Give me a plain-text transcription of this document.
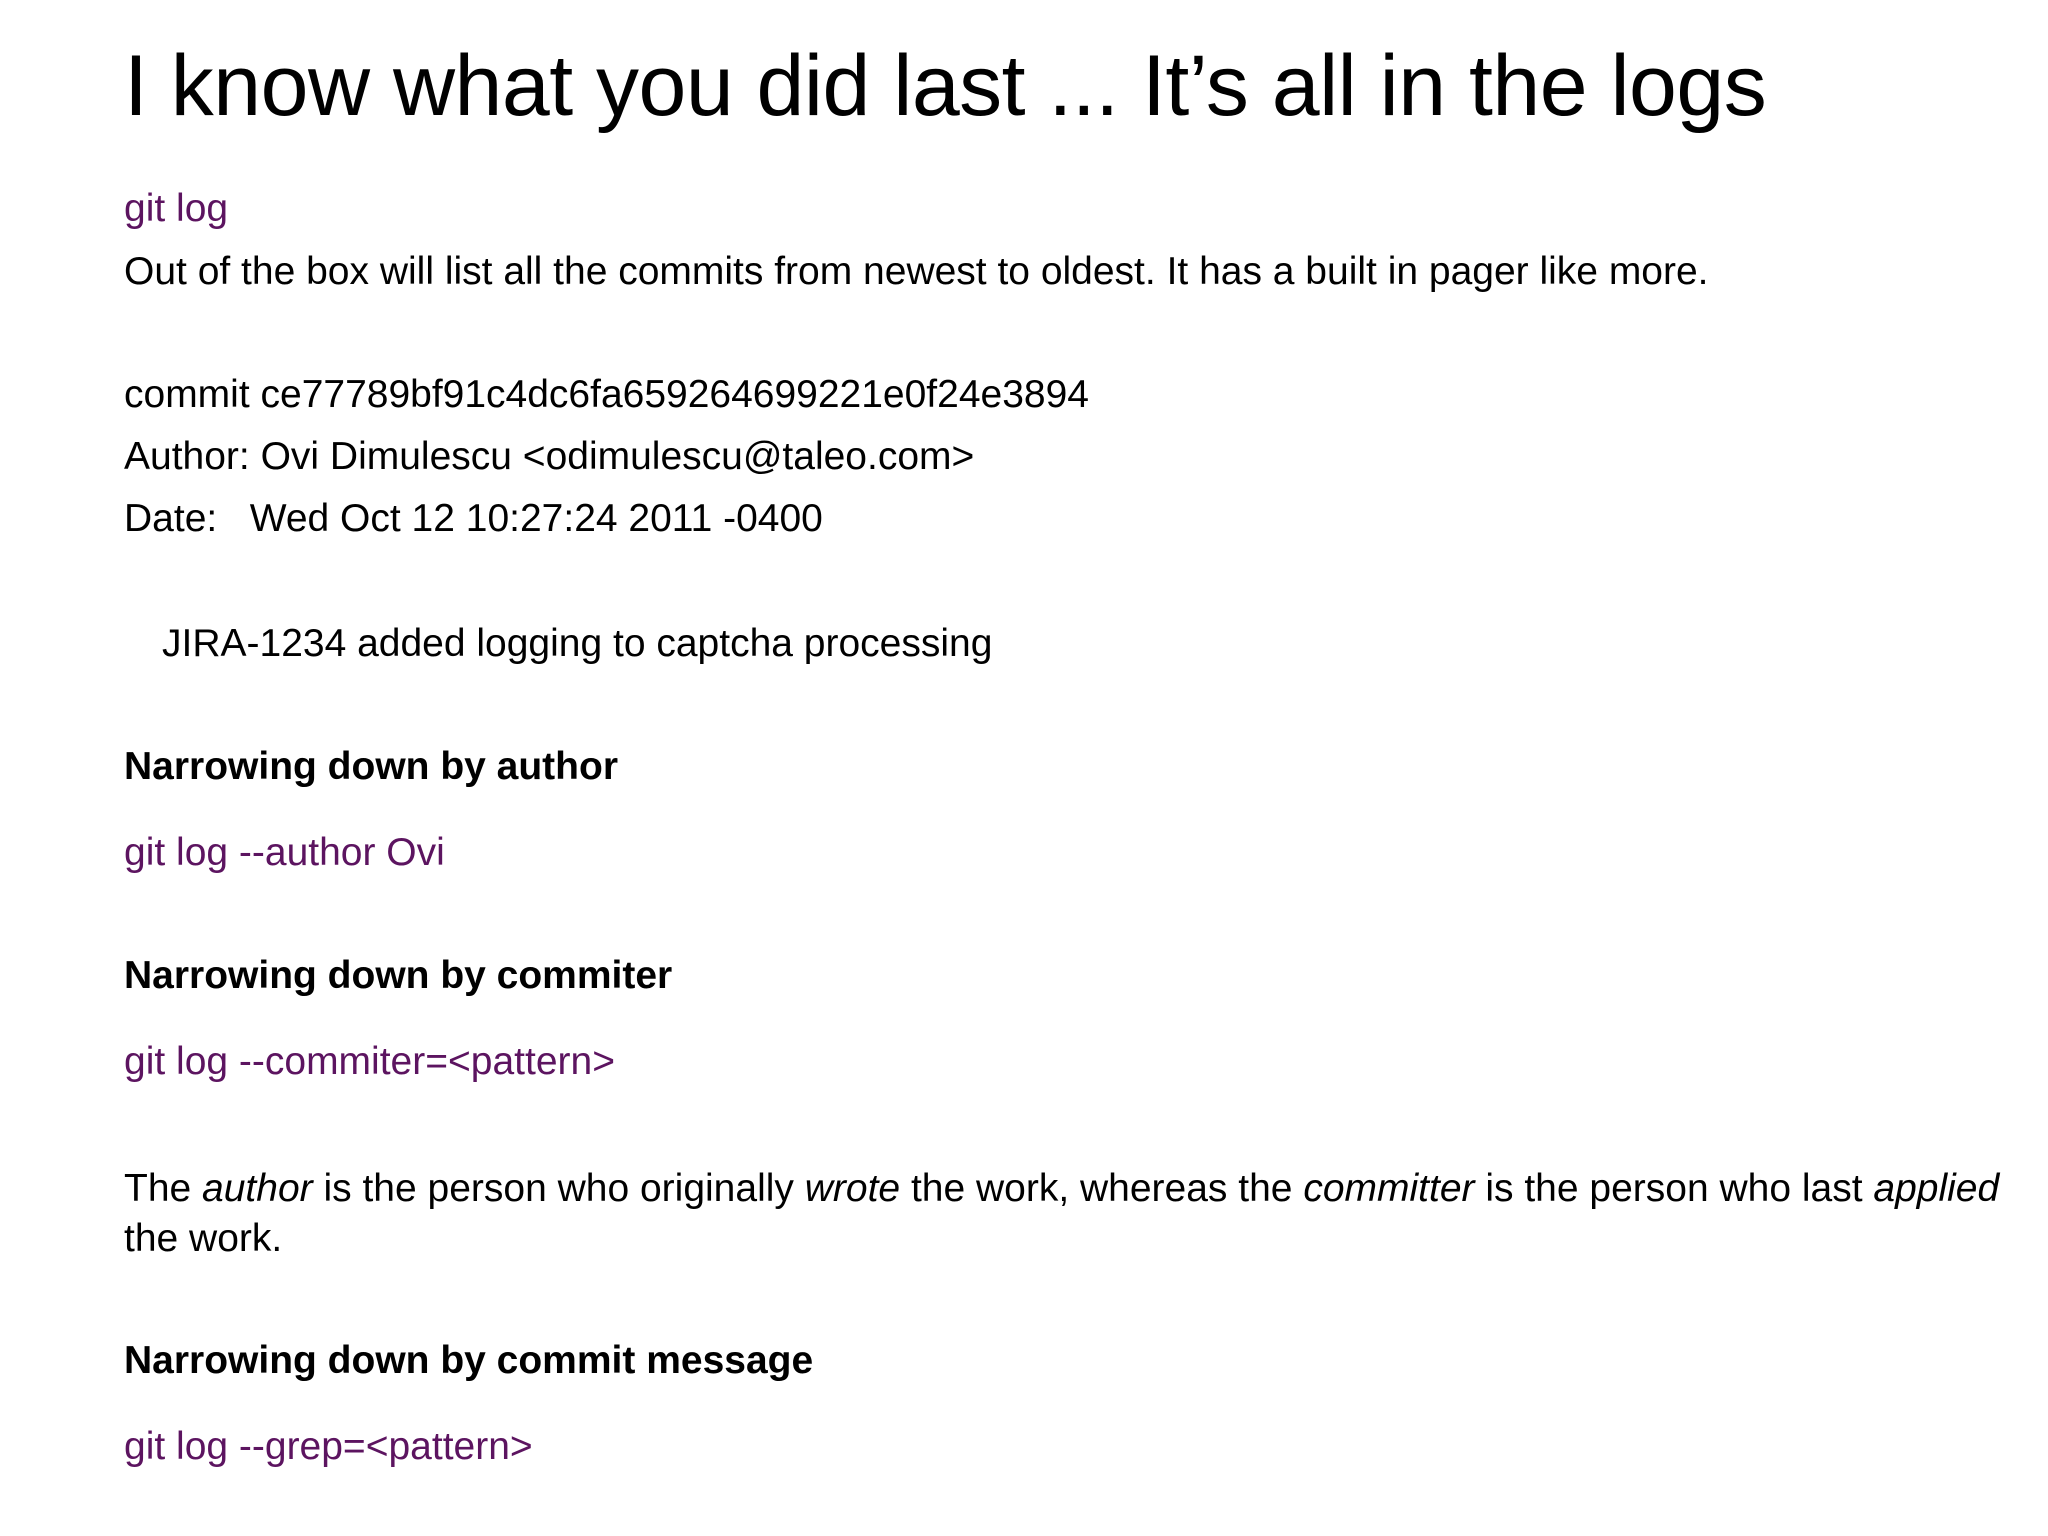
I know what you did last ... It’s all in the logs

git log

Out of the box will list all the commits from newest to oldest. It has a built in pager like more.

commit ce77789bf91c4dc6fa659264699221e0f24e3894

Author: Ovi Dimulescu <odimulescu@taleo.com>

Date:   Wed Oct 12 10:27:24 2011 -0400

JIRA-1234 added logging to captcha processing

Narrowing down by author

git log --author Ovi

Narrowing down by commiter

git log --commiter=<pattern>

The author is the person who originally wrote the work, whereas the committer is the person who last applied the work.

Narrowing down by commit message

git log --grep=<pattern>
